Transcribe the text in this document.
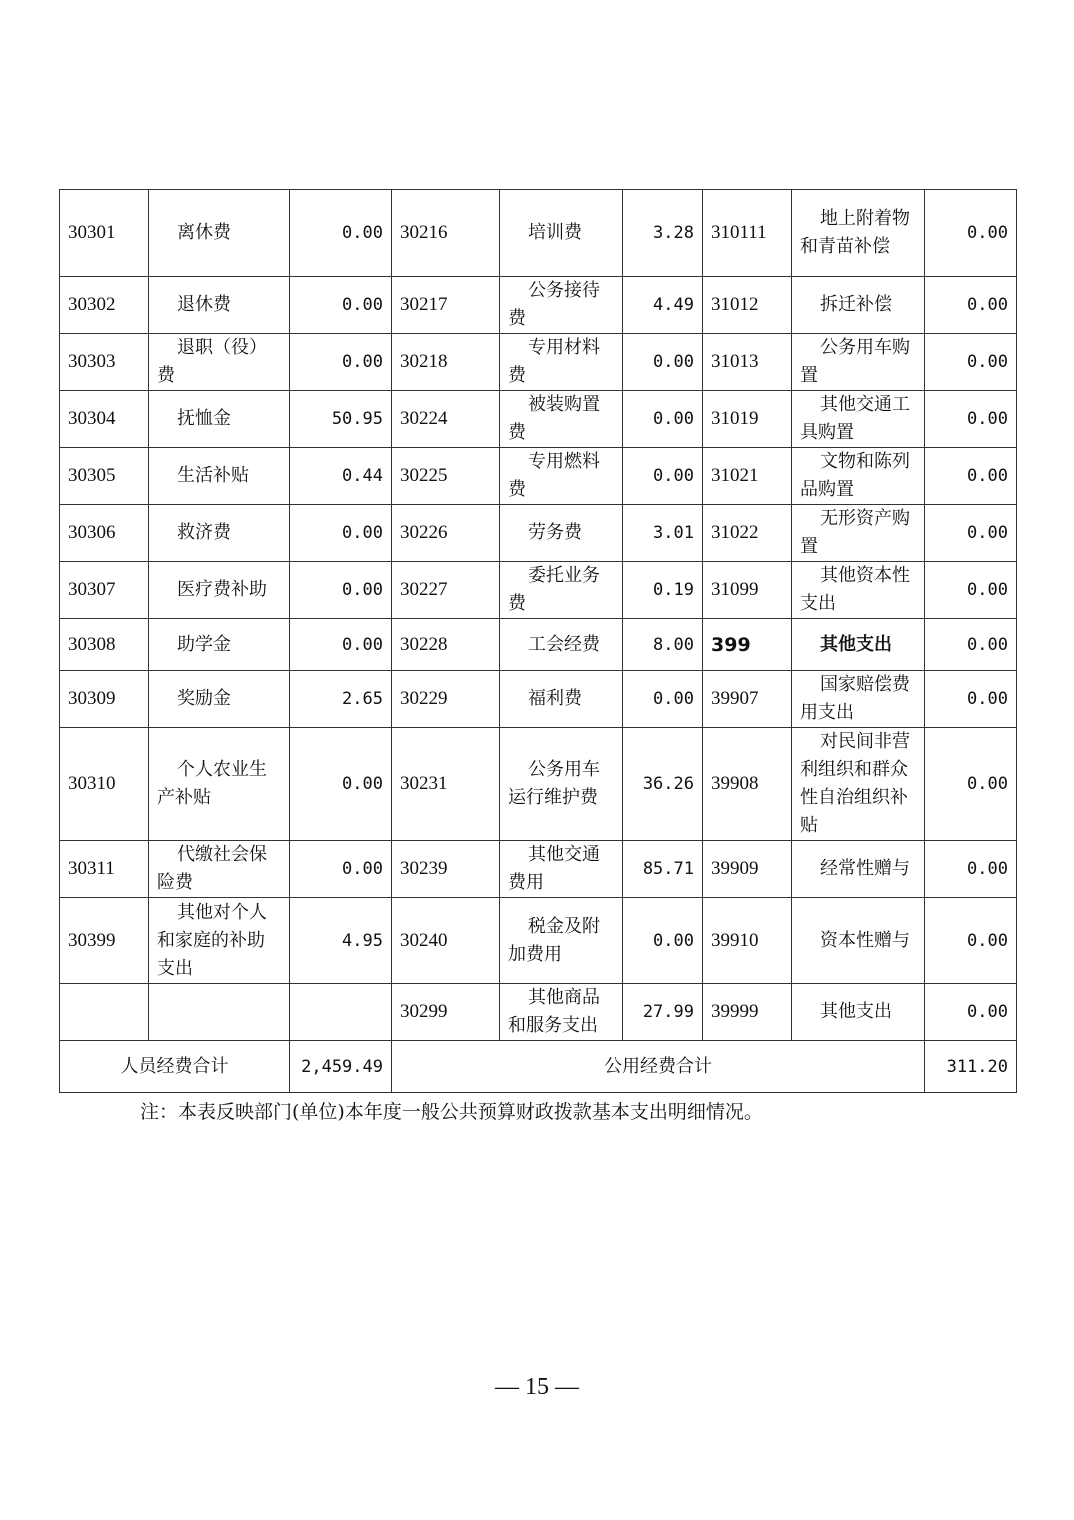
30301	离休费	0.00	30216	培训费	3.28	310111	地上附着物和青苗补偿	0.00
30302	退休费	0.00	30217	公务接待费	4.49	31012	拆迁补偿	0.00
30303	退职（役）费	0.00	30218	专用材料费	0.00	31013	公务用车购置	0.00
30304	抚恤金	50.95	30224	被装购置费	0.00	31019	其他交通工具购置	0.00
30305	生活补贴	0.44	30225	专用燃料费	0.00	31021	文物和陈列品购置	0.00
30306	救济费	0.00	30226	劳务费	3.01	31022	无形资产购置	0.00
30307	医疗费补助	0.00	30227	委托业务费	0.19	31099	其他资本性支出	0.00
30308	助学金	0.00	30228	工会经费	8.00	399	其他支出	0.00
30309	奖励金	2.65	30229	福利费	0.00	39907	国家赔偿费用支出	0.00
30310	个人农业生产补贴	0.00	30231	公务用车运行维护费	36.26	39908	对民间非营利组织和群众性自治组织补贴	0.00
30311	代缴社会保险费	0.00	30239	其他交通费用	85.71	39909	经常性赠与	0.00
30399	其他对个人和家庭的补助支出	4.95	30240	税金及附加费用	0.00	39910	资本性赠与	0.00
			30299	其他商品和服务支出	27.99	39999	其他支出	0.00
人员经费合计		2,459.49	公用经费合计					311.20
注：本表反映部门(单位)本年度一般公共预算财政拨款基本支出明细情况。
— 15 —
